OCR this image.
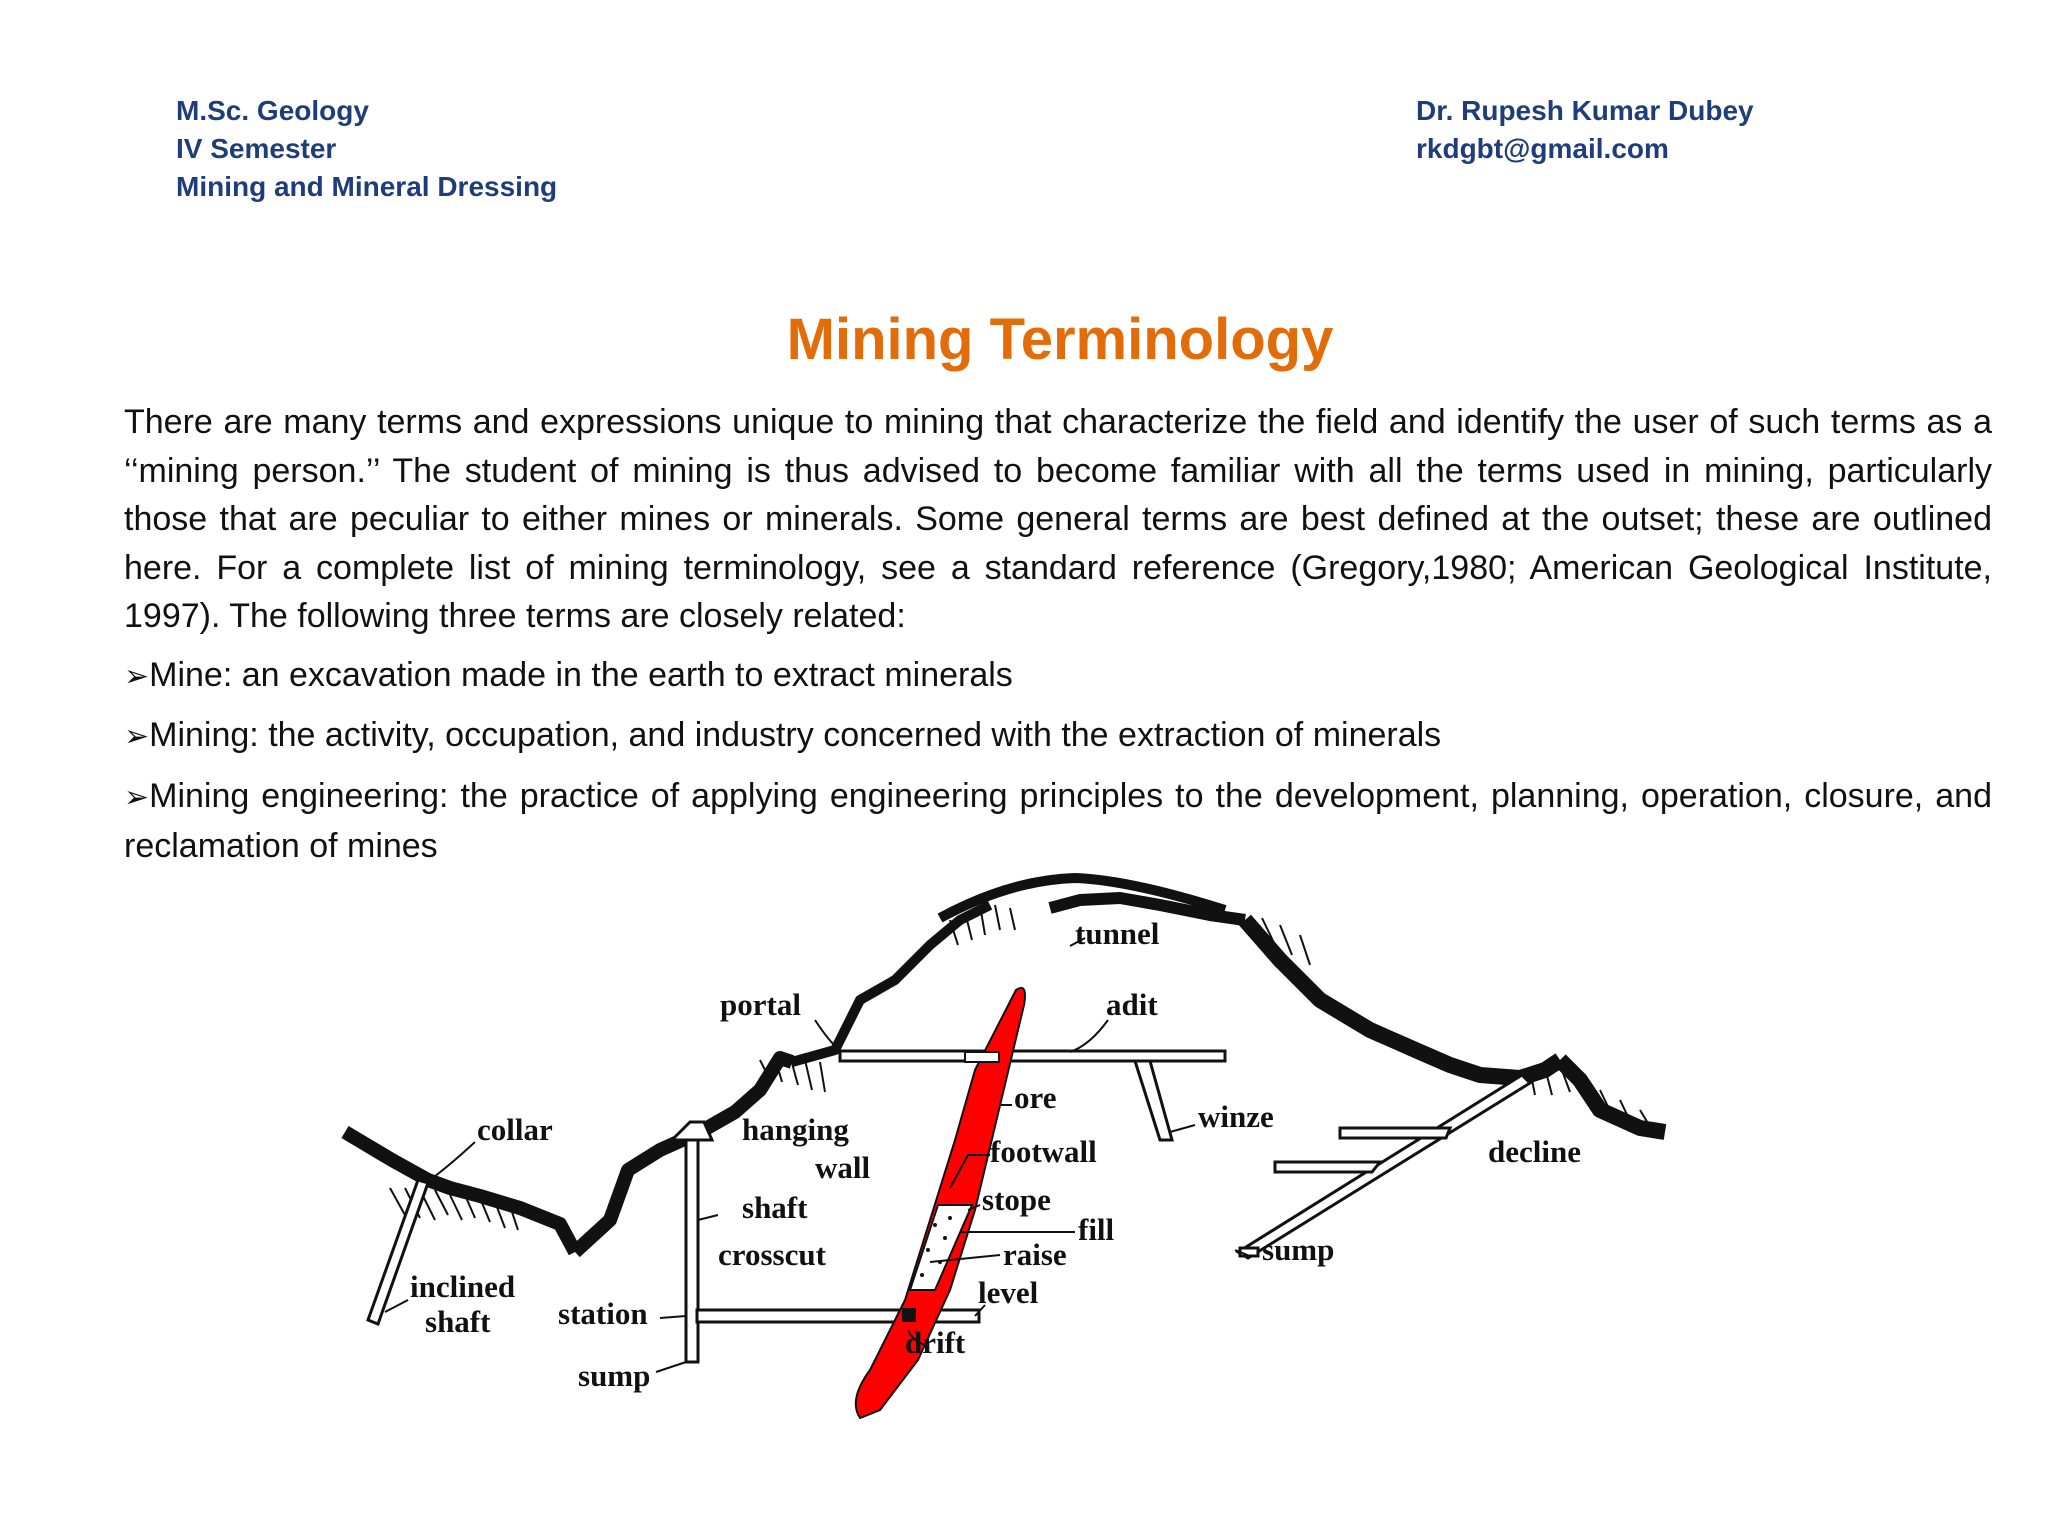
M.Sc. Geology
IV Semester
Mining and Mineral Dressing
Dr. Rupesh Kumar Dubey
rkdgbt@gmail.com
Mining Terminology

There are many terms and expressions unique to mining that characterize the field and identify the user of such terms as a ‘‘mining person.’’ The student of mining is thus advised to become familiar with all the terms used in mining, particularly those that are peculiar to either mines or minerals. Some general terms are best defined at the outset; these are outlined here. For a complete list of mining terminology, see a standard reference (Gregory,1980; American Geological Institute, 1997). The following three terms are closely related:

➢Mine: an excavation made in the earth to extract minerals

➢Mining: the activity, occupation, and industry concerned with the extraction of minerals

➢Mining engineering: the practice of applying engineering principles to the development, planning, operation, closure, and reclamation of mines

tunnel
portal	adit
ore
winze
collar	hanging
wall	footwall	decline
stope
fill
shaft
crosscut	raise	sump
inclined
shaft station
level
drift
sump
